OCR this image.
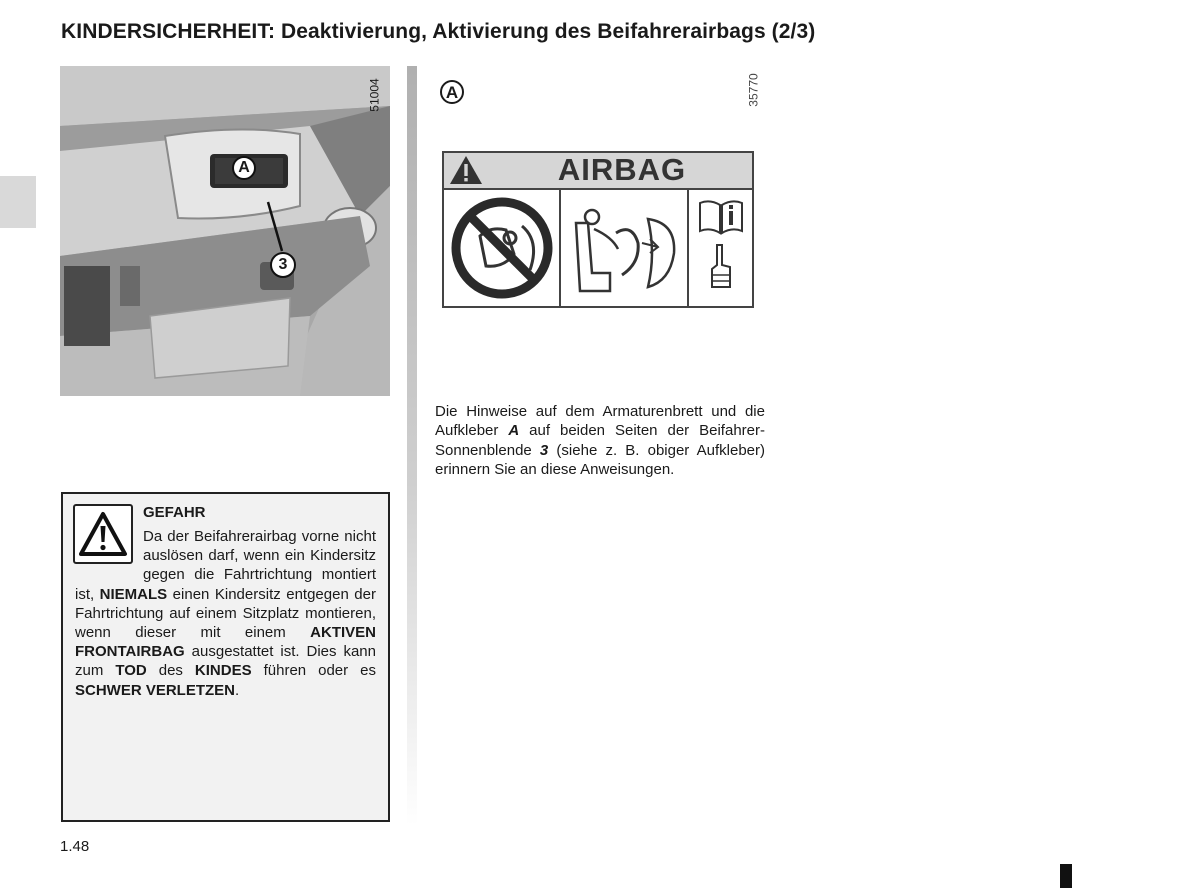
KINDERSICHERHEIT: Deaktivierung, Aktivierung des Beifahrerairbags (2/3)
A
3
51004	A	35770
AIRBAG

Die Hinweise auf dem Armaturenbrett und die Aufkleber A auf beiden Seiten der Beifahrer-Sonnenblende 3 (siehe z. B. obiger Aufkleber) erinnern Sie an diese Anweisungen.

GEFAHR
Da der Beifahrerairbag vorne nicht auslösen darf, wenn ein Kindersitz gegen die Fahrtrichtung montiert ist, NIEMALS einen Kindersitz entgegen der Fahrtrichtung auf einem Sitzplatz montieren, wenn dieser mit einem AKTIVEN FRONTAIRBAG ausgestattet ist. Dies kann zum TOD des KINDES führen oder es SCHWER VERLETZEN.
1.48
